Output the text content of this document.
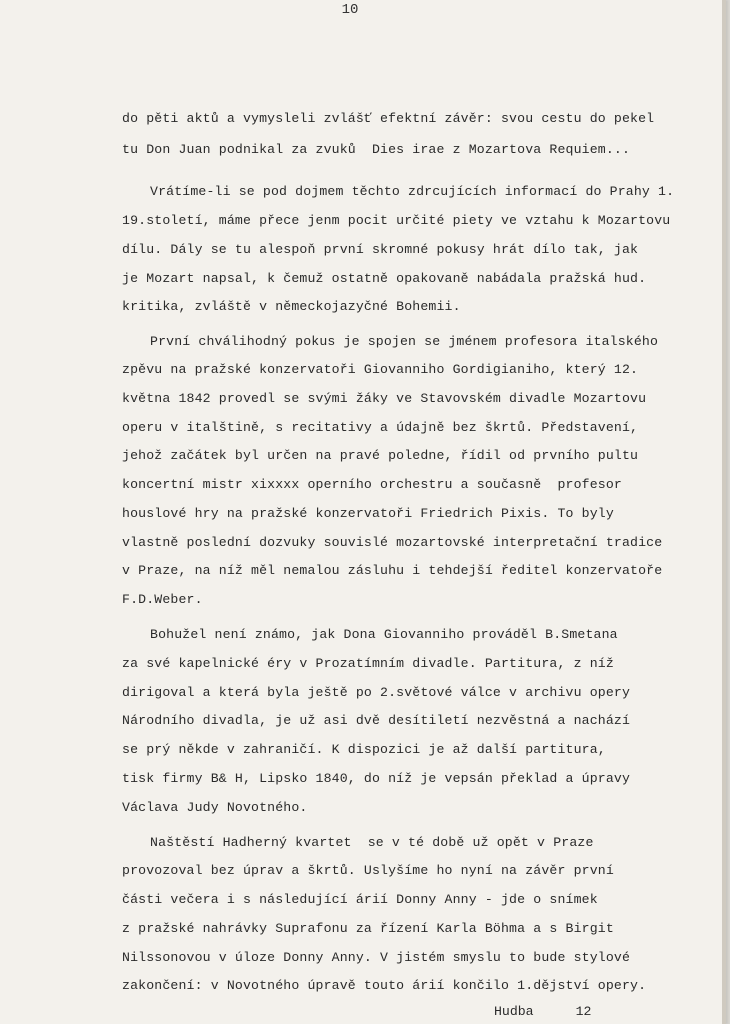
10
do pěti aktů a vymysleli zvlášť efektní závěr: svou cestu do pekel
tu Don Juan podnikal za zvuků  Dies irae z Mozartova Requiem...
Vrátíme-li se pod dojmem těchto zdrcujících informací do Prahy 1.
19.století, máme přece jenm pocit určité piety ve vztahu k Mozartovu
dílu. Dály se tu alespoň první skromné pokusy hrát dílo tak, jak
je Mozart napsal, k čemuž ostatně opakovaně nabádala pražská hud.
kritika, zvláště v německojazyčné Bohemii.
První chválihodný pokus je spojen se jménem profesora italského
zpěvu na pražské konzervatoři Giovanniho Gordigianiho, který 12.
května 1842 provedl se svými žáky ve Stavovském divadle Mozartovu
operu v italštině, s recitativy a údajně bez škrtů. Představení,
jehož začátek byl určen na pravé poledne, řídil od prvního pultu
koncertní mistr xixxxx operního orchestru a současně  profesor
houslové hry na pražské konzervatoři Friedrich Pixis. To byly
vlastně poslední dozvuky souvislé mozartovské interpretační tradice
v Praze, na níž měl nemalou zásluhu i tehdejší ředitel konzervatoře
F.D.Weber.
Bohužel není známo, jak Dona Giovanniho prováděl B.Smetana
za své kapelnické éry v Prozatímním divadle. Partitura, z níž
dirigoval a která byla ještě po 2.světové válce v archivu opery
Národního divadla, je už asi dvě desítiletí nezvěstná a nachází
se prý někde v zahraničí. K dispozici je až další partitura,
tisk firmy B& H, Lipsko 1840, do níž je vepsán překlad a úpravy
Václava Judy Novotného.
Naštěstí Hadherný kvartet  se v té době už opět v Praze
provozoval bez úprav a škrtů. Uslyšíme ho nyní na závěr první
části večera i s následující árií Donny Anny - jde o snímek
z pražské nahrávky Suprafonu za řízení Karla Böhma a s Birgit
Nilssonovou v úloze Donny Anny. V jistém smyslu to bude stylové
zakončení: v Novotného úpravě touto árií končilo 1.dějství opery.
Hudba	12
